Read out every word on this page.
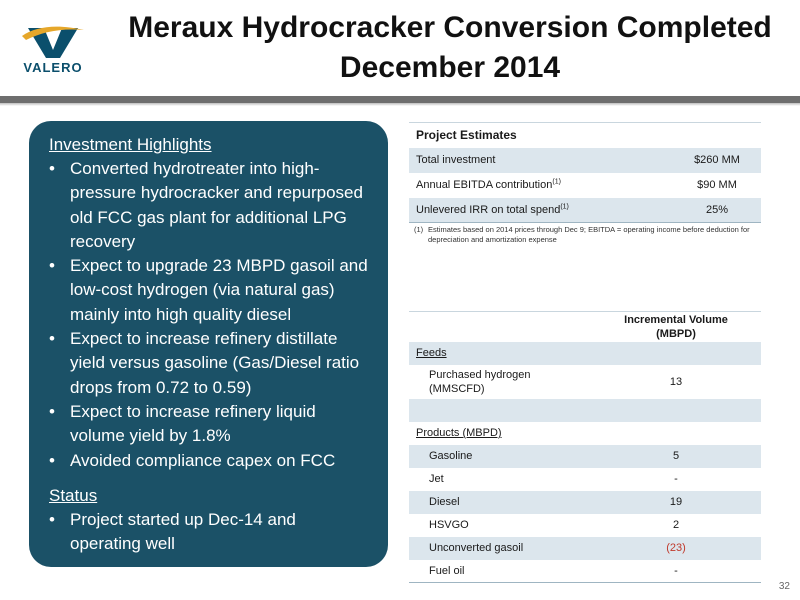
VALERO
Meraux Hydrocracker Conversion Completed
December 2014
Investment Highlights
• Converted hydrotreater into high-pressure hydrocracker and repurposed old FCC gas plant for additional LPG recovery
• Expect to upgrade 23 MBPD gasoil and low-cost hydrogen (via natural gas) mainly into high quality diesel
• Expect to increase refinery distillate yield versus gasoline (Gas/Diesel ratio drops from 0.72 to 0.59)
• Expect to increase refinery liquid volume yield by 1.8%
• Avoided compliance capex on FCC
Status
• Project started up Dec-14 and operating well
Project Estimates	
Total investment	$260 MM
Annual EBITDA contribution$^{(1)}$	$90 MM
Unlevered IRR on total spend$^{(1)}$	25%
(1) Estimates based on 2014 prices through Dec 9; EBITDA = operating income before deduction for depreciation and amortization expense

	Incremental Volume
(MBPD)

Feeds	

Purchased hydrogen
(MMSCFD)	13

Products (MBPD)	
Gasoline	5
Jet	-
Diesel	19
HSVGO	2
Unconverted gasoil	(23)
Fuel oil	-
32
